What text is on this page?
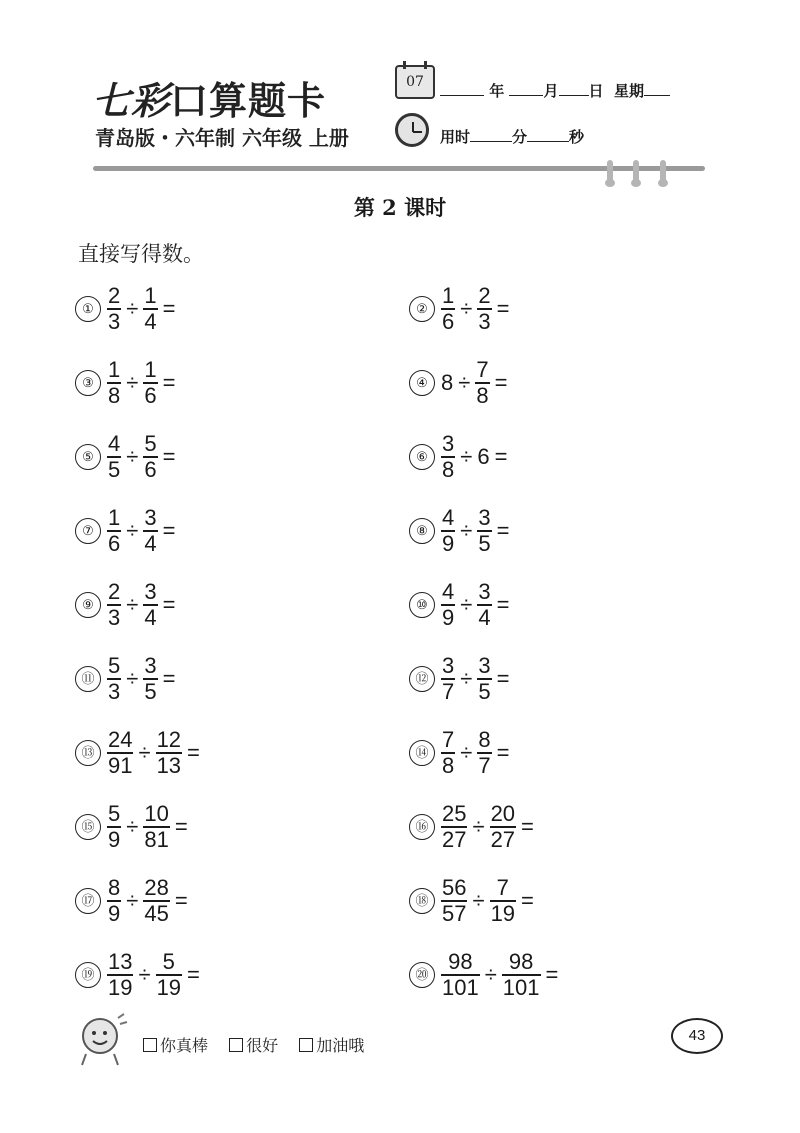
七彩口算题卡
青岛版・六年制 六年级 上册
07	年	月 日 星期
用时	分	秒
第 2 课时
直接写得数。
① $\frac{2}{3} \div \frac{1}{4}$ =	② $\frac{1}{6} \div \frac{2}{3}$ =
③ $\frac{1}{8} \div \frac{1}{6}$ =	④ $8 \div \frac{7}{8}$ =
⑤ $\frac{4}{5} \div \frac{5}{6}$ =	⑥ $\frac{3}{8} \div 6$ =
⑦ $\frac{1}{6} \div \frac{3}{4}$ =	⑧ $\frac{4}{9} \div \frac{3}{5}$ =
⑨ $\frac{2}{3} \div \frac{3}{4}$ =	⑩ $\frac{4}{9} \div \frac{3}{4}$ =
⑪ $\frac{5}{3} \div \frac{3}{5}$ =	⑫ $\frac{3}{7} \div \frac{3}{5}$ =
⑬ $\frac{24}{91} \div \frac{12}{13}$ =	⑭ $\frac{7}{8} \div \frac{8}{7}$ =
⑮ $\frac{5}{9} \div \frac{10}{81}$ =	⑯ $\frac{25}{27} \div \frac{20}{27}$ =
⑰ $\frac{8}{9} \div \frac{28}{45}$ =	⑱ $\frac{56}{57} \div \frac{7}{19}$ =
⑲ $\frac{13}{19} \div \frac{5}{19}$ =	⑳ $\frac{98}{101} \div \frac{98}{101}$ =
你真棒
很好
加油哦
43
